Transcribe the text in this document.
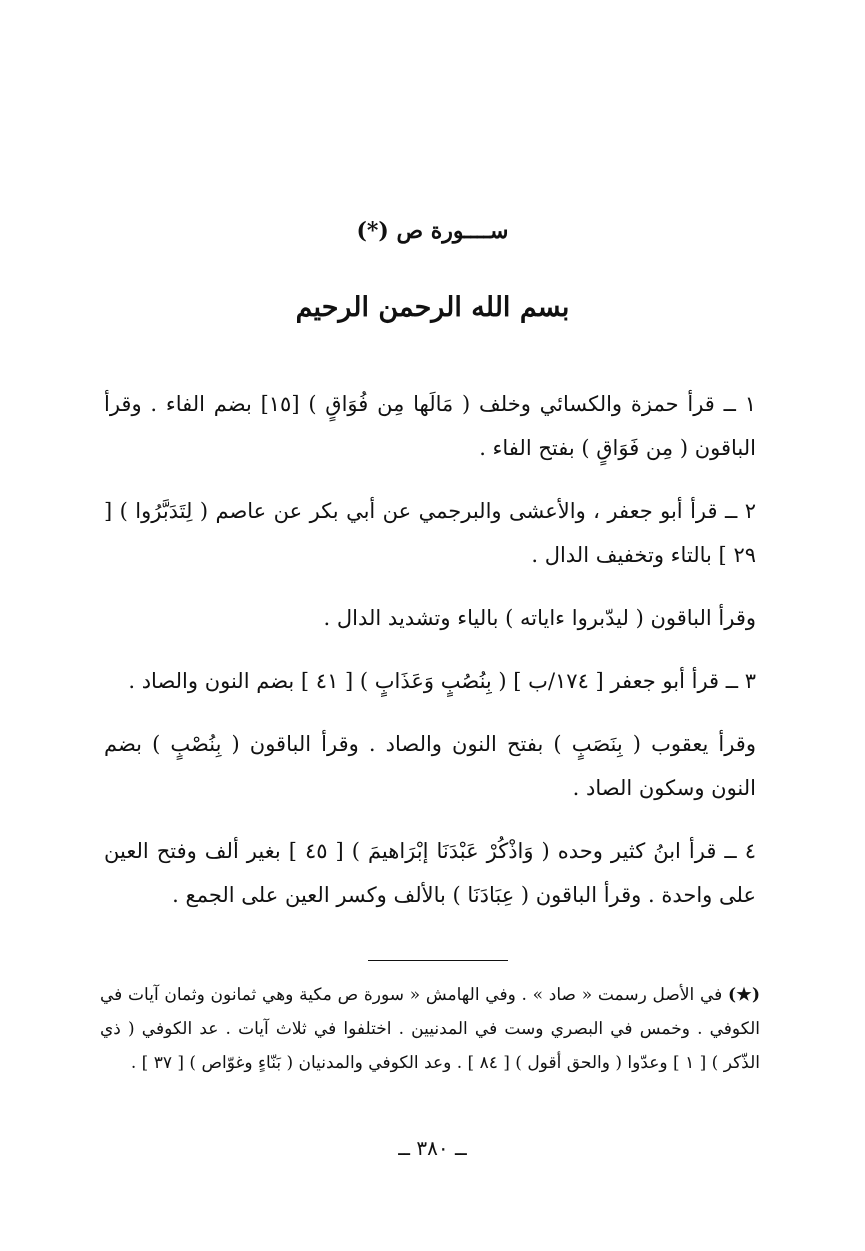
ســــورة ص (*)
بسم الله الرحمن الرحيم

١ ــ قرأ حمزة والكسائي وخلف ( مَالَها مِن فُوَاقٍ ) [١٥] بضم الفاء . وقرأ الباقون ( مِن فَوَاقٍ ) بفتح الفاء .

٢ ــ قرأ أبو جعفر ، والأعشى والبرجمي عن أبي بكر عن عاصم ( لِتَدَبَّرُوا ) [ ٢٩ ] بالتاء وتخفيف الدال .

وقرأ الباقون ( ليدّبروا ءاياته ) بالياء وتشديد الدال .

٣ ــ قرأ أبو جعفر [ ١٧٤/ب ] ( بِنُصُبٍ وَعَذَابٍ ) [ ٤١ ] بضم النون والصاد .

وقرأ يعقوب ( بِنَصَبٍ ) بفتح النون والصاد . وقرأ الباقون ( بِنُصْبٍ ) بضم النون وسكون الصاد .

٤ ــ قرأ ابنُ كثير وحده ( وَاذْكُرْ عَبْدَنَا إبْرَاهيمَ ) [ ٤٥ ] بغير ألف وفتح العين على واحدة . وقرأ الباقون ( عِبَادَنَا ) بالألف وكسر العين على الجمع .

(★) في الأصل رسمت « صاد » . وفي الهامش « سورة ص مكية وهي ثمانون وثمان آيات في الكوفي . وخمس في البصري وست في المدنيين . اختلفوا في ثلاث آيات . عد الكوفي ( ذي الذّكر ) [ ١ ] وعدّوا ( والحق أقول ) [ ٨٤ ] . وعد الكوفي والمدنيان ( بَنّاءٍ وغوّاص ) [ ٣٧ ] .
ــ ٣٨٠ ــ
